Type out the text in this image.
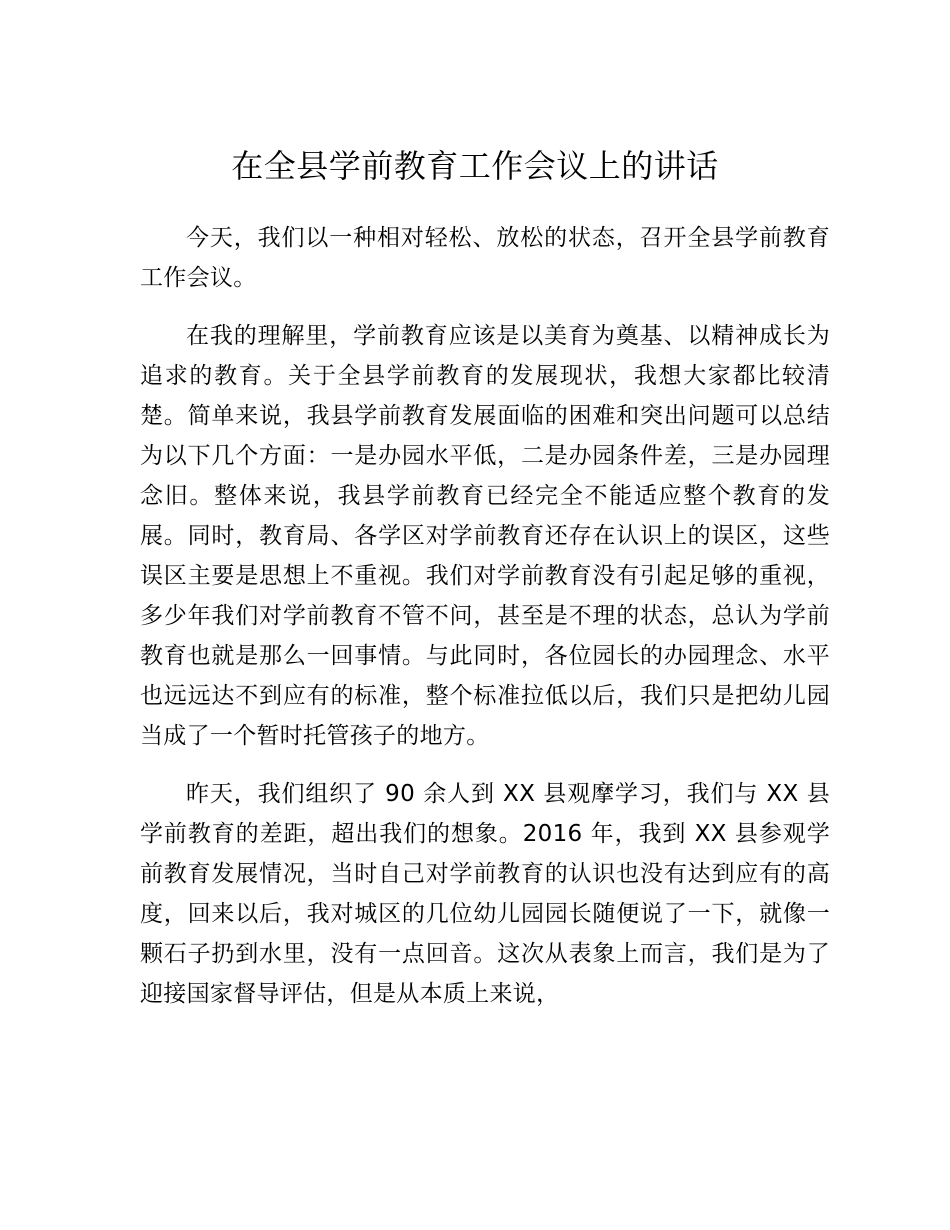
在全县学前教育工作会议上的讲话

今天，我们以一种相对轻松、放松的状态，召开全县学前教育工作会议。

在我的理解里，学前教育应该是以美育为奠基、以精神成长为追求的教育。关于全县学前教育的发展现状，我想大家都比较清楚。简单来说，我县学前教育发展面临的困难和突出问题可以总结为以下几个方面：一是办园水平低，二是办园条件差，三是办园理念旧。整体来说，我县学前教育已经完全不能适应整个教育的发展。同时，教育局、各学区对学前教育还存在认识上的误区，这些误区主要是思想上不重视。我们对学前教育没有引起足够的重视，多少年我们对学前教育不管不问，甚至是不理的状态，总认为学前教育也就是那么一回事情。与此同时，各位园长的办园理念、水平也远远达不到应有的标准，整个标准拉低以后，我们只是把幼儿园当成了一个暂时托管孩子的地方。

昨天，我们组织了 90 余人到 XX 县观摩学习，我们与 XX 县学前教育的差距，超出我们的想象。2016 年，我到 XX 县参观学前教育发展情况，当时自己对学前教育的认识也没有达到应有的高度，回来以后，我对城区的几位幼儿园园长随便说了一下，就像一颗石子扔到水里，没有一点回音。这次从表象上而言，我们是为了迎接国家督导评估，但是从本质上来说，
